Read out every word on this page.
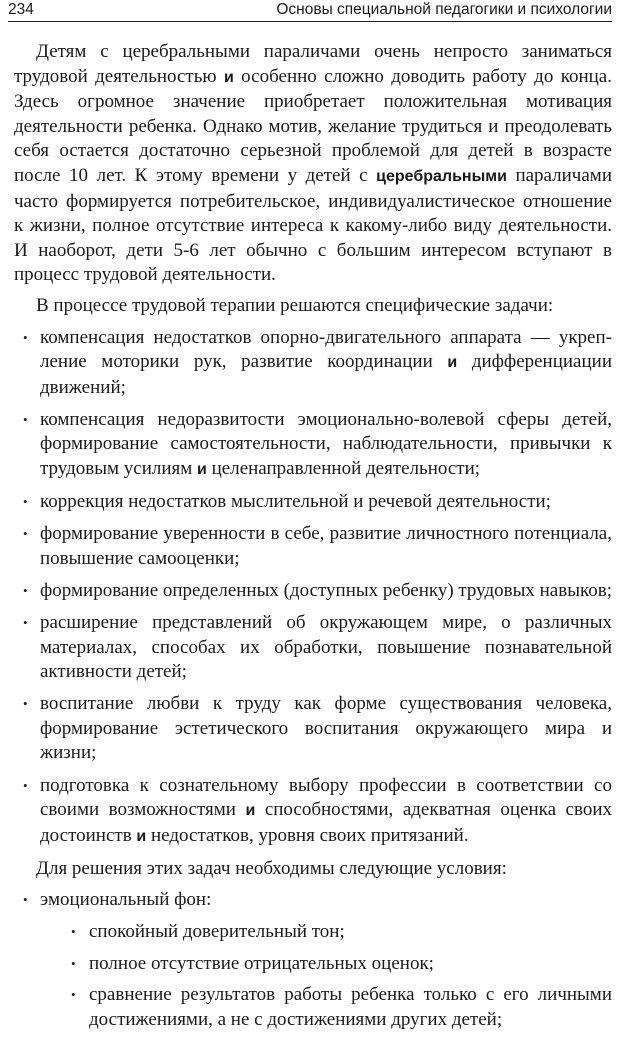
234	Основы специальной педагогики и психологии

Детям с церебральными параличами очень непросто заниматься трудовой деятельностью и особенно сложно доводить работу до конца. Здесь огромное значение приобретает положительная мотивация деятельности ребенка. Однако мотив, желание трудиться и преодолевать себя остается достаточно серьезной проблемой для детей в возрасте после 10 лет. К этому времени у детей с церебральными параличами часто формируется потребительское, индивидуалистическое отношение к жизни, полное отсутствие интереса к какому-либо виду деятельности. И наоборот, дети 5-6 лет обычно с большим интересом вступают в процесс трудовой деятельности.

В процессе трудовой терапии решаются специфические задачи:

• компенсация недостатков опорно-двигательного аппарата — укрепление моторики рук, развитие координации и дифференциации движений;
• компенсация недоразвитости эмоционально-волевой сферы детей, формирование самостоятельности, наблюдательности, привычки к трудовым усилиям и целенаправленной деятельности;
• коррекция недостатков мыслительной и речевой деятельности;
• формирование уверенности в себе, развитие личностного потенциала, повышение самооценки;
• формирование определенных (доступных ребенку) трудовых навыков;
• расширение представлений об окружающем мире, о различных материалах, способах их обработки, повышение познавательной активности детей;
• воспитание любви к труду как форме существования человека, формирование эстетического воспитания окружающего мира и жизни;
• подготовка к сознательному выбору профессии в соответствии со своими возможностями и способностями, адекватная оценка своих достоинств и недостатков, уровня своих притязаний.

Для решения этих задач необходимы следующие условия:

• эмоциональный фон:
• спокойный доверительный тон;
• полное отсутствие отрицательных оценок;
• сравнение результатов работы ребенка только с его личными достижениями, а не с достижениями других детей;
